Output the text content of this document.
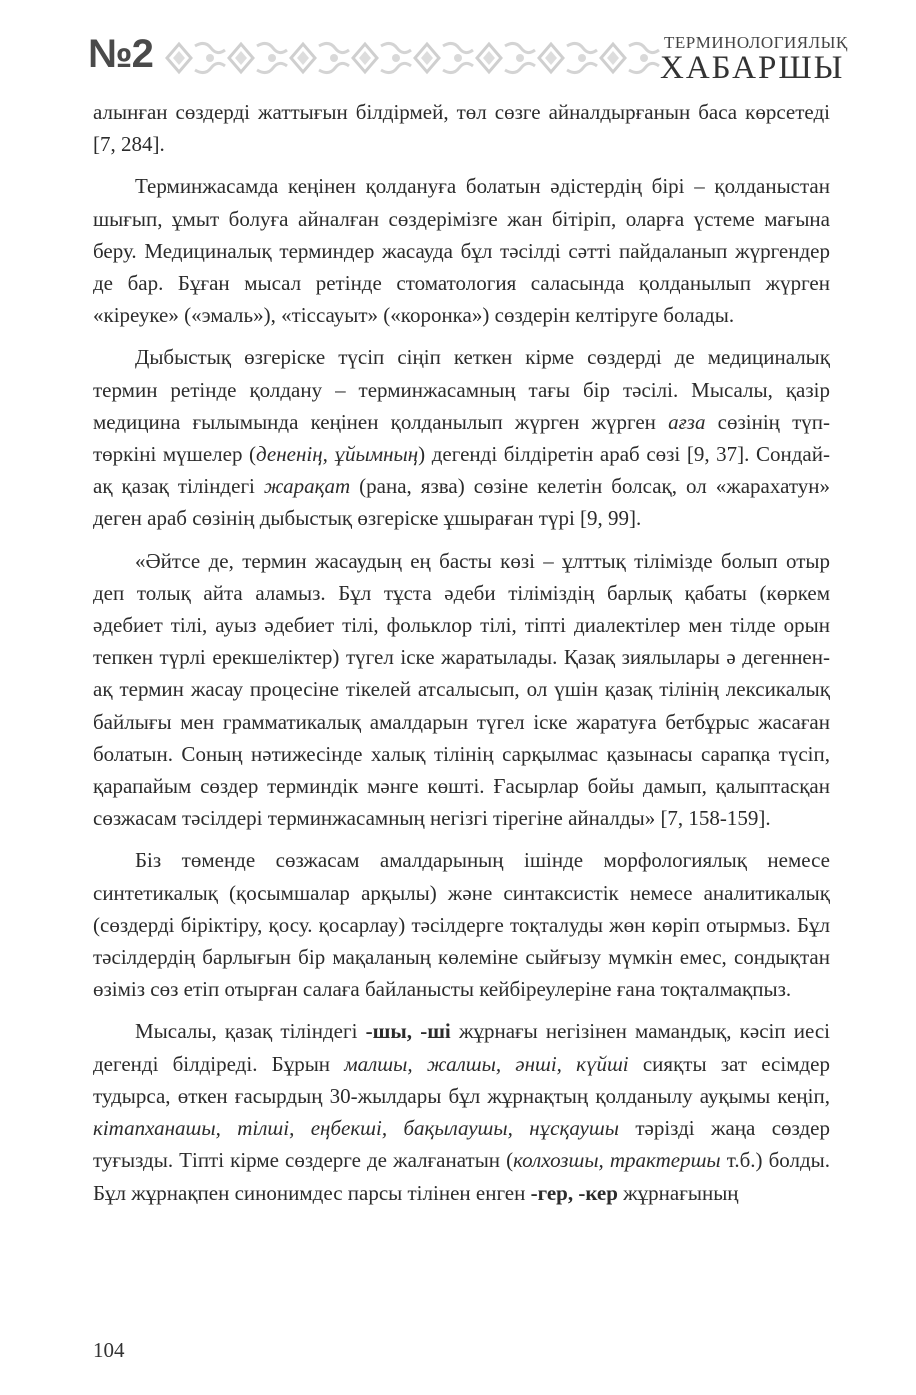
№2	ТЕРМИНОЛОГИЯЛЫҚ
ХАБАРШЫ

алынған сөздерді жаттығын білдірмей, төл сөзге айналдырғанын баса көрсетеді [7, 284].

Терминжасамда кеңінен қолдануға болатын әдістердің бірі – қолданыстан шығып, ұмыт болуға айналған сөздерімізге жан бітіріп, оларға үстеме мағына беру. Медициналық терминдер жасауда бұл тәсілді сәтті пайдаланып жүргендер де бар. Бұған мысал ретінде стоматология саласында қолданылып жүрген «кіреуке» («эмаль»), «тіссауыт» («коронка») сөздерін келтіруге болады.

Дыбыстық өзгеріске түсіп сіңіп кеткен кірме сөздерді де медициналық термин ретінде қолдану – терминжасамның тағы бір тәсілі. Мысалы, қазір медицина ғылымында кеңінен қолданылып жүрген жүрген ағза сөзінің түп-төркіні мүшелер (дененің, ұйымның) дегенді білдіретін араб сөзі [9, 37]. Сондай-ақ қазақ тіліндегі жарақат (рана, язва) сөзіне келетін болсақ, ол «жарахатун» деген араб сөзінің дыбыстық өзгеріске ұшыраған түрі [9, 99].

«Әйтсе де, термин жасаудың ең басты көзі – ұлттық тілімізде болып отыр деп толық айта аламыз. Бұл тұста әдеби тіліміздің барлық қабаты (көркем әдебиет тілі, ауыз әдебиет тілі, фольклор тілі, тіпті диалектілер мен тілде орын тепкен түрлі ерекшеліктер) түгел іске жаратылады. Қазақ зиялылары ә дегеннен-ақ термин жасау процесіне тікелей атсалысып, ол үшін қазақ тілінің лексикалық байлығы мен грамматикалық амалдарын түгел іске жаратуға бетбұрыс жасаған болатын. Соның нәтижесінде халық тілінің сарқылмас қазынасы сарапқа түсіп, қарапайым сөздер терминдік мәнге көшті. Ғасырлар бойы дамып, қалыптасқан сөзжасам тәсілдері терминжасамның негізгі тірегіне айналды» [7, 158-159].

Біз төменде сөзжасам амалдарының ішінде морфологиялық немесе синтетикалық (қосымшалар арқылы) және синтаксистік немесе аналитикалық (сөздерді біріктіру, қосу. қосарлау) тәсілдерге тоқталуды жөн көріп отырмыз. Бұл тәсілдердің барлығын бір мақаланың көлеміне сыйғызу мүмкін емес, сондықтан өзіміз сөз етіп отырған салаға байланысты кейбіреулеріне ғана тоқталмақпыз.

Мысалы, қазақ тіліндегі -шы, -ші жұрнағы негізінен мамандық, кәсіп иесі дегенді білдіреді. Бұрын малшы, жалшы, әнші, күйші сияқты зат есімдер тудырса, өткен ғасырдың 30-жылдары бұл жұрнақтың қолданылу ауқымы кеңіп, кітапханашы, тілші, еңбекші, бақылаушы, нұсқаушы тәрізді жаңа сөздер туғызды. Тіпті кірме сөздерге де жалғанатын (колхозшы, трактершы т.б.) болды. Бұл жұрнақпен синонимдес парсы тілінен енген -гер, -кер жұрнағының

104
